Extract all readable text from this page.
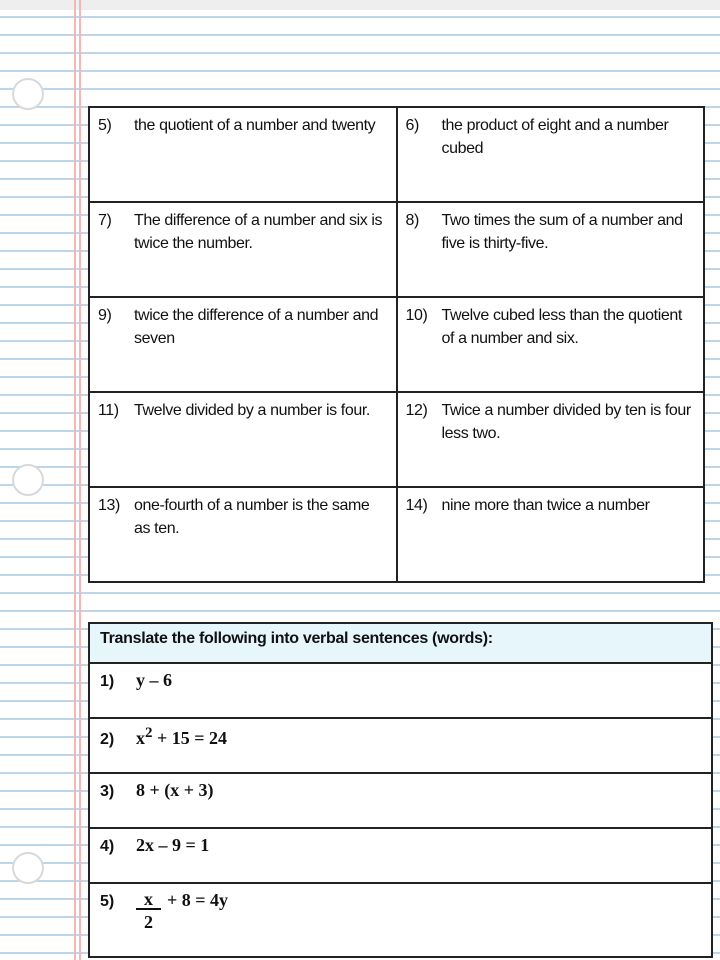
5) the quotient of a number and twenty	6) the product of eight and a number cubed

7) The difference of a number and six is twice the number.	8) Two times the sum of a number and five is thirty-five.

9) twice the difference of a number and seven	10) Twelve cubed less than the quotient of a number and six.

11) Twelve divided by a number is four.	12) Twice a number divided by ten is four less two.

13) one-fourth of a number is the same as ten.	14) nine more than twice a number
Translate the following into verbal sentences (words):
1) y – 6
2) $x^2 + 15 = 24$
3) 8 + (x + 3)
4) 2x – 9 = 1
$5) \frac{x}{2} + 8 = 4y$
